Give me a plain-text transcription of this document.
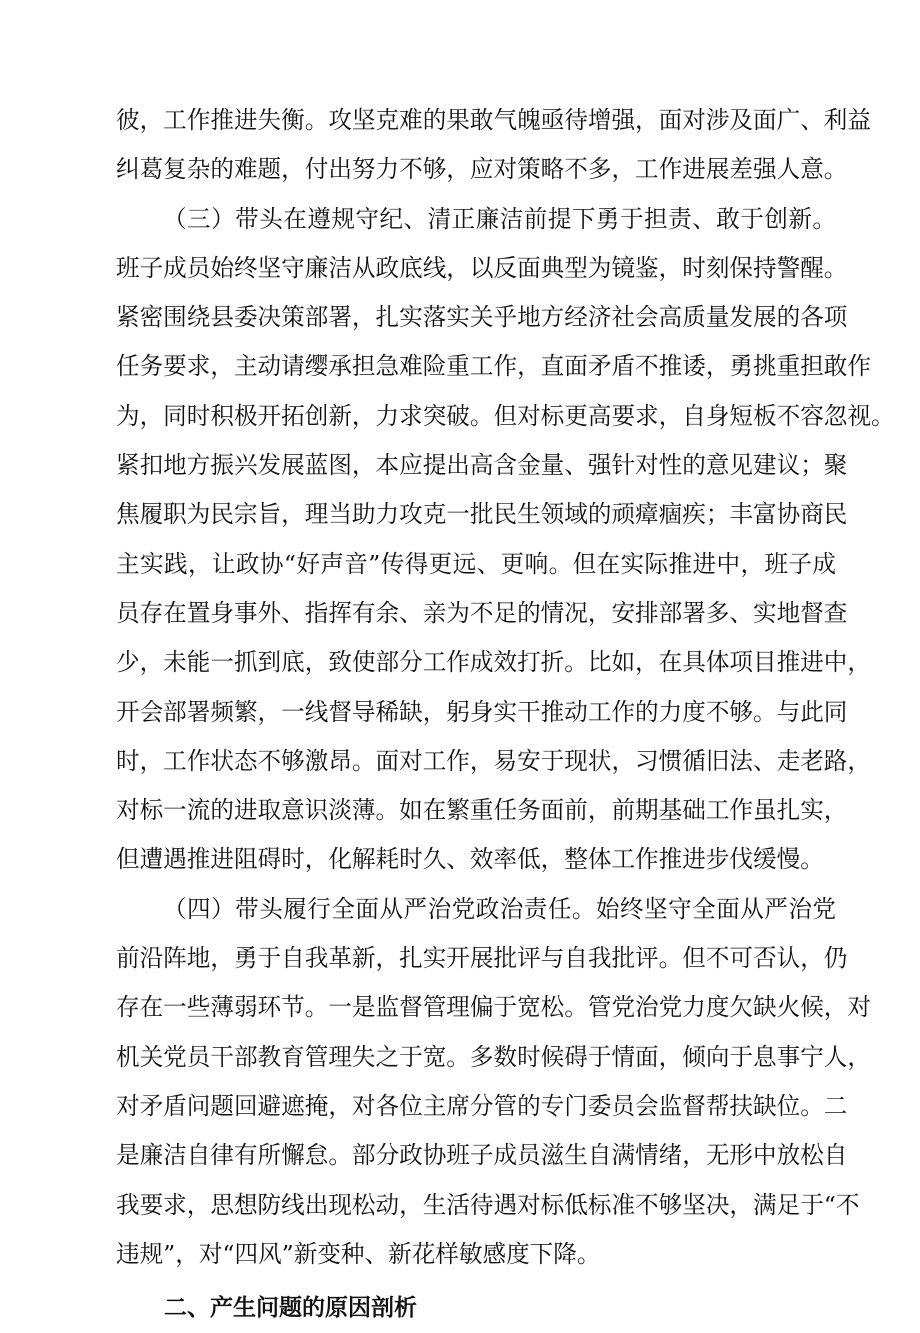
彼，工作推进失衡。攻坚克难的果敢气魄亟待增强，面对涉及面广、利益
纠葛复杂的难题，付出努力不够，应对策略不多，工作进展差强人意。
（三）带头在遵规守纪、清正廉洁前提下勇于担责、敢于创新。
班子成员始终坚守廉洁从政底线，以反面典型为镜鉴，时刻保持警醒。
紧密围绕县委决策部署，扎实落实关乎地方经济社会高质量发展的各项
任务要求，主动请缨承担急难险重工作，直面矛盾不推诿，勇挑重担敢作
为，同时积极开拓创新，力求突破。但对标更高要求，自身短板不容忽视。
紧扣地方振兴发展蓝图，本应提出高含金量、强针对性的意见建议；聚
焦履职为民宗旨，理当助力攻克一批民生领域的顽瘴痼疾；丰富协商民
主实践，让政协“好声音”传得更远、更响。但在实际推进中，班子成
员存在置身事外、指挥有余、亲为不足的情况，安排部署多、实地督查
少，未能一抓到底，致使部分工作成效打折。比如，在具体项目推进中，
开会部署频繁，一线督导稀缺，躬身实干推动工作的力度不够。与此同
时，工作状态不够激昂。面对工作，易安于现状，习惯循旧法、走老路，
对标一流的进取意识淡薄。如在繁重任务面前，前期基础工作虽扎实，
但遭遇推进阻碍时，化解耗时久、效率低，整体工作推进步伐缓慢。
（四）带头履行全面从严治党政治责任。始终坚守全面从严治党
前沿阵地，勇于自我革新，扎实开展批评与自我批评。但不可否认，仍
存在一些薄弱环节。一是监督管理偏于宽松。管党治党力度欠缺火候，对
机关党员干部教育管理失之于宽。多数时候碍于情面，倾向于息事宁人，
对矛盾问题回避遮掩，对各位主席分管的专门委员会监督帮扶缺位。二
是廉洁自律有所懈怠。部分政协班子成员滋生自满情绪，无形中放松自
我要求，思想防线出现松动，生活待遇对标低标准不够坚决，满足于“不
违规”，对“四风”新变种、新花样敏感度下降。
二、产生问题的原因剖析
